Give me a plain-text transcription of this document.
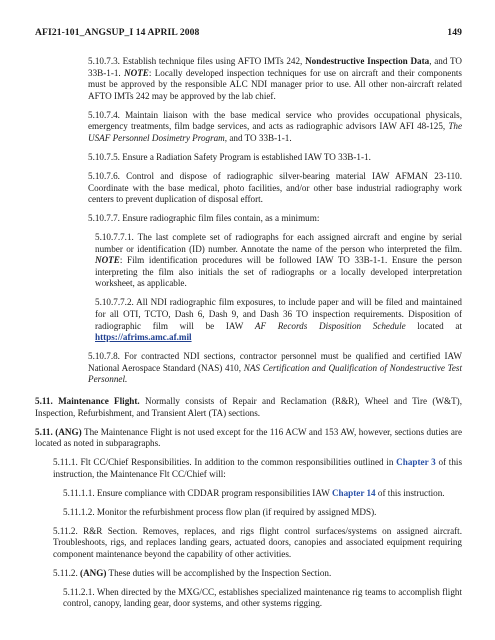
AFI21-101_ANGSUP_I 14 APRIL 2008	149

5.10.7.3. Establish technique files using AFTO IMTs 242, Nondestructive Inspection Data, and TO 33B-1-1. NOTE: Locally developed inspection techniques for use on aircraft and their components must be approved by the responsible ALC NDI manager prior to use. All other non-aircraft related AFTO IMTs 242 may be approved by the lab chief.

5.10.7.4. Maintain liaison with the base medical service who provides occupational physicals, emergency treatments, film badge services, and acts as radiographic advisors IAW AFI 48-125, The USAF Personnel Dosimetry Program, and TO 33B-1-1.

5.10.7.5. Ensure a Radiation Safety Program is established IAW TO 33B-1-1.

5.10.7.6. Control and dispose of radiographic silver-bearing material IAW AFMAN 23-110. Coordinate with the base medical, photo facilities, and/or other base industrial radiography work centers to prevent duplication of disposal effort.

5.10.7.7. Ensure radiographic film files contain, as a minimum:

5.10.7.7.1. The last complete set of radiographs for each assigned aircraft and engine by serial number or identification (ID) number. Annotate the name of the person who interpreted the film. NOTE: Film identification procedures will be followed IAW TO 33B-1-1. Ensure the person interpreting the film also initials the set of radiographs or a locally developed interpretation worksheet, as applicable.

5.10.7.7.2. All NDI radiographic film exposures, to include paper and will be filed and maintained for all OTI, TCTO, Dash 6, Dash 9, and Dash 36 TO inspection requirements. Disposition of radiographic film will be IAW AF Records Disposition Schedule located at https://afrims.amc.af.mil

5.10.7.8. For contracted NDI sections, contractor personnel must be qualified and certified IAW National Aerospace Standard (NAS) 410, NAS Certification and Qualification of Nondestructive Test Personnel.

5.11. Maintenance Flight. Normally consists of Repair and Reclamation (R&R), Wheel and Tire (W&T), Inspection, Refurbishment, and Transient Alert (TA) sections.

5.11. (ANG) The Maintenance Flight is not used except for the 116 ACW and 153 AW, however, sections duties are located as noted in subparagraphs.

5.11.1. Flt CC/Chief Responsibilities. In addition to the common responsibilities outlined in Chapter 3 of this instruction, the Maintenance Flt CC/Chief will:

5.11.1.1. Ensure compliance with CDDAR program responsibilities IAW Chapter 14 of this instruction.

5.11.1.2. Monitor the refurbishment process flow plan (if required by assigned MDS).

5.11.2. R&R Section. Removes, replaces, and rigs flight control surfaces/systems on assigned aircraft. Troubleshoots, rigs, and replaces landing gears, actuated doors, canopies and associated equipment requiring component maintenance beyond the capability of other activities.

5.11.2. (ANG) These duties will be accomplished by the Inspection Section.

5.11.2.1. When directed by the MXG/CC, establishes specialized maintenance rig teams to accomplish flight control, canopy, landing gear, door systems, and other systems rigging.
